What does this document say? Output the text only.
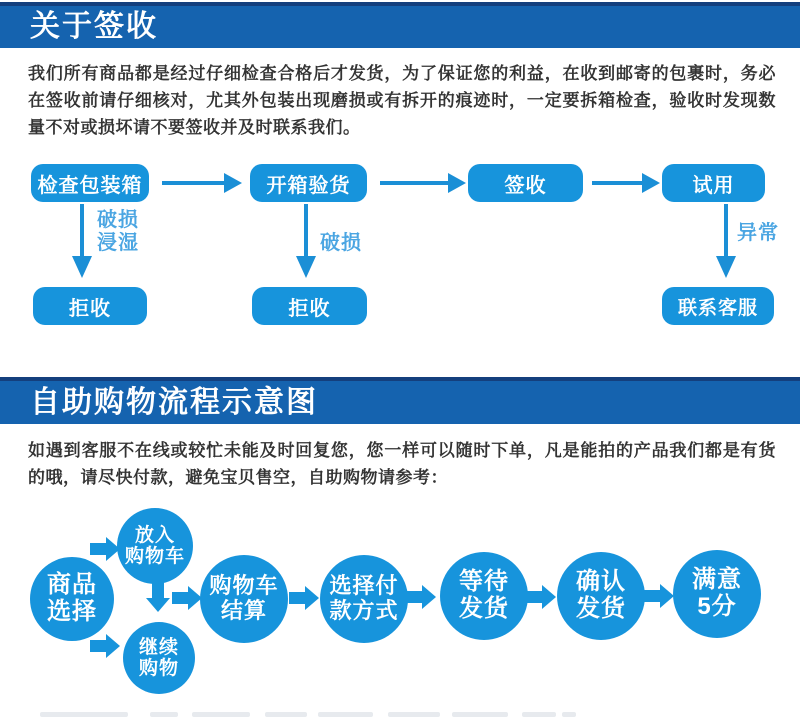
关于签收
我们所有商品都是经过仔细检查合格后才发货，为了保证您的利益，在收到邮寄的包裹时，务必在签收前请仔细核对，尤其外包装出现磨损或有拆开的痕迹时，一定要拆箱检查，验收时发现数量不对或损坏请不要签收并及时联系我们。
检查包装箱	开箱验货	签收	试用
破损
浸湿	破损	异常
拒收	拒收	联系客服
自助购物流程示意图
如遇到客服不在线或较忙未能及时回复您，您一样可以随时下单，凡是能拍的产品我们都是有货的哦，请尽快付款，避免宝贝售空，自助购物请参考：
商品
选择
放入
购物车
继续
购物
购物车
结算
选择付
款方式
等待
发货
确认
发货
满意
5分
